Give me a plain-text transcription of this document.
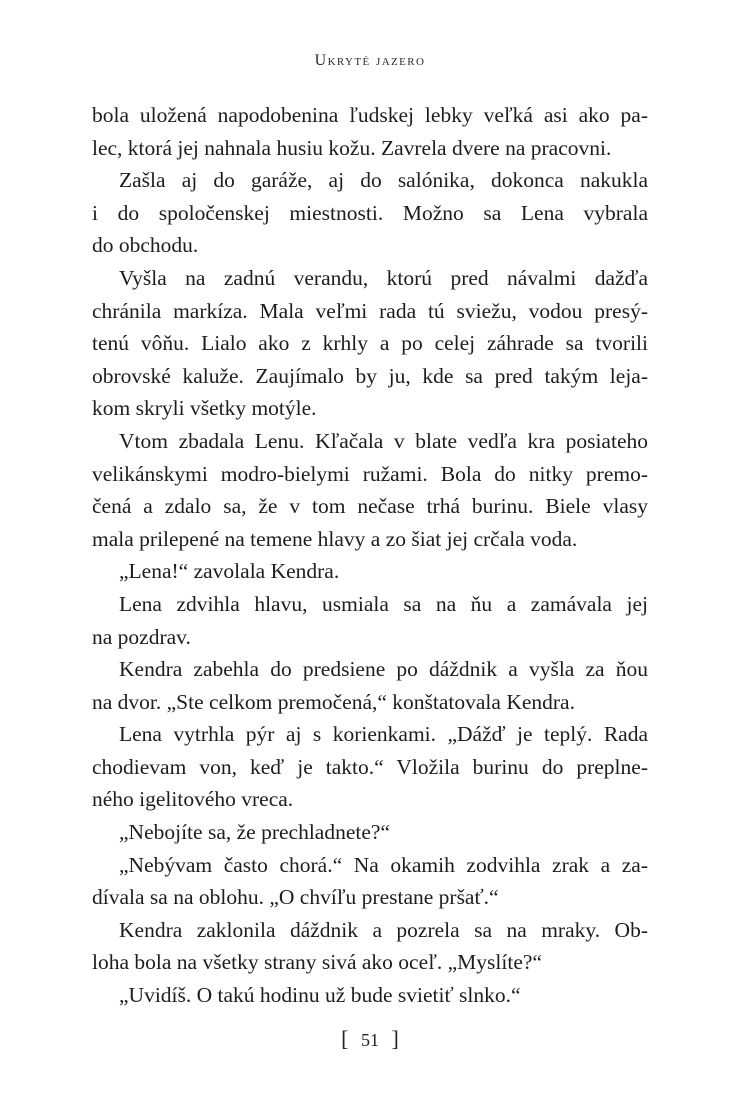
Ukryté jazero
bola uložená napodobenina ľudskej lebky veľká asi ako pa-
lec, ktorá jej nahnala husiu kožu. Zavrela dvere na pracovni.
Zašla aj do garáže, aj do salónika, dokonca nakukla
i do spoločenskej miestnosti. Možno sa Lena vybrala
do obchodu.
Vyšla na zadnú verandu, ktorú pred návalmi dažďa
chránila markíza. Mala veľmi rada tú sviežu, vodou presý-
tenú vôňu. Lialo ako z krhly a po celej záhrade sa tvorili
obrovské kaluže. Zaujímalo by ju, kde sa pred takým leja-
kom skryli všetky motýle.
Vtom zbadala Lenu. Kľačala v blate vedľa kra posiateho
velikánskymi modro-bielymi ružami. Bola do nitky premo-
čená a zdalo sa, že v tom nečase trhá burinu. Biele vlasy
mala prilepené na temene hlavy a zo šiat jej crčala voda.
„Lena!“ zavolala Kendra.
Lena zdvihla hlavu, usmiala sa na ňu a zamávala jej
na pozdrav.
Kendra zabehla do predsiene po dáždnik a vyšla za ňou
na dvor. „Ste celkom premočená,“ konštatovala Kendra.
Lena vytrhla pýr aj s korienkami. „Dážď je teplý. Rada
chodievam von, keď je takto.“ Vložila burinu do preplne-
ného igelitového vreca.
„Nebojíte sa, že prechladnete?“
„Nebývam často chorá.“ Na okamih zodvihla zrak a za-
dívala sa na oblohu. „O chvíľu prestane pršať.“
Kendra zaklonila dáždnik a pozrela sa na mraky. Ob-
loha bola na všetky strany sivá ako oceľ. „Myslíte?“
„Uvidíš. O takú hodinu už bude svietiť slnko.“
[ 51 ]
